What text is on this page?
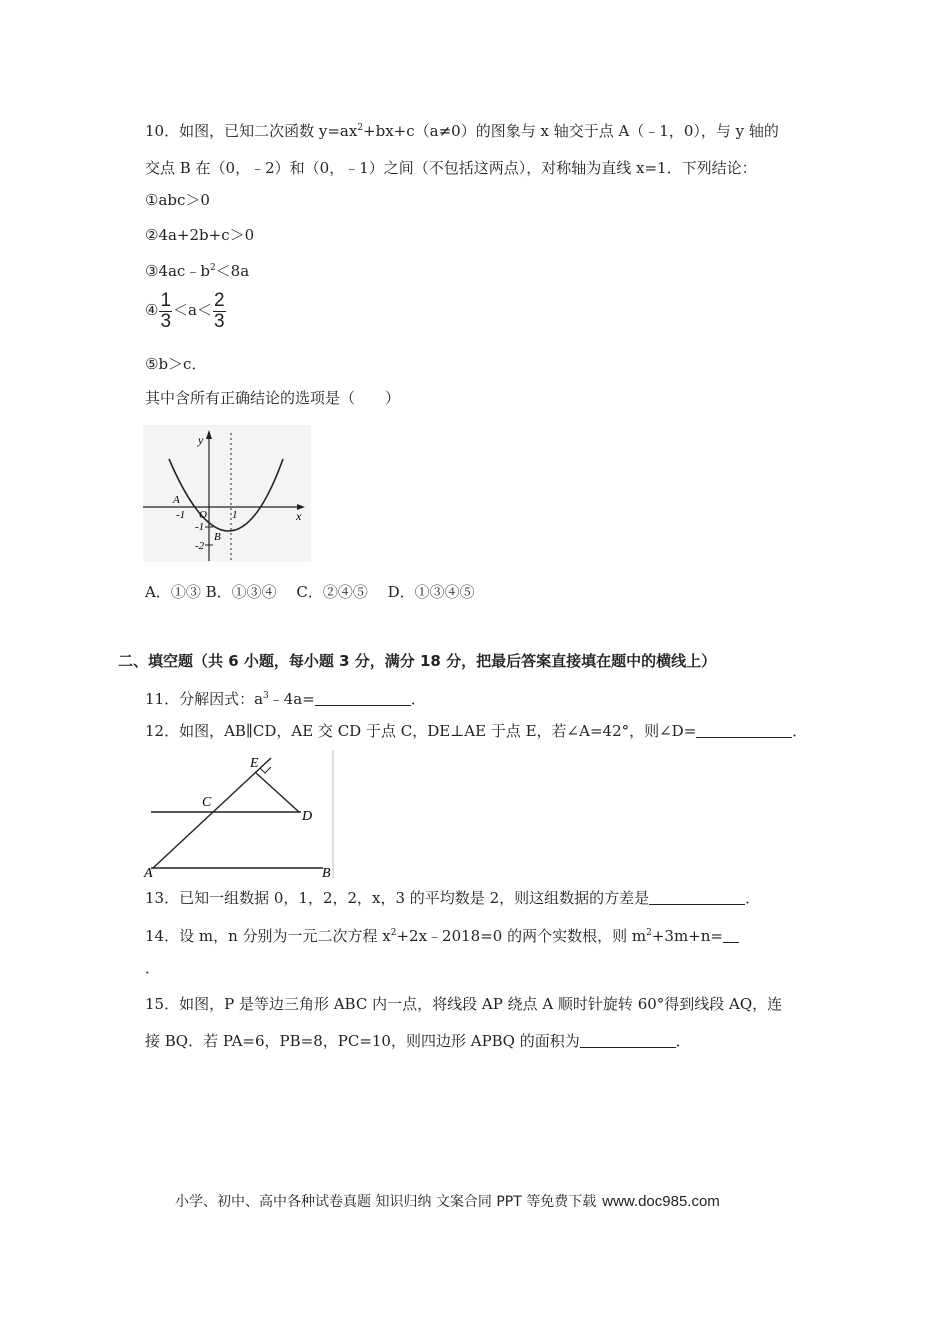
10．如图，已知二次函数 $y=ax^2+bx+c(a\ne 0)$的图象与 x 轴交于点 A（﹣1，0），与 y 轴的
交点 B 在（0，﹣2）和（0，﹣1）之间（不包括这两点），对称轴为直线 x=1．下列结论：
①abc＞0
②4a+2b+c＞0
$③4ac﹣b^2<8a$
④ $\frac{1}{3} <a< \frac{2}{3}$
⑤b＞c．
其中含所有正确结论的选项是（　　）
y
x
A
-1 O 1
-1
B
-2
A．①③ B．①③④　 C．②④⑤　 D．①③④⑤
二、填空题（共 6 小题，每小题 3 分，满分 18 分，把最后答案直接填在题中的横线上）
11．分解因式：$a^3﹣4a=$	．
12．如图，AB∥CD，AE 交 CD 于点 C，DE⊥AE 于点 E，若∠A=42°，则∠D=	．
E
C
D
A	B
13．已知一组数据 0，1，2，2，x，3 的平均数是 2，则这组数据的方差是	．
14．设 m，n 分别为一元二次方程 $x^2+2x﹣2018=0$ 的两个实数根，则 $m^2+3m+n=$
．
15．如图，P 是等边三角形 ABC 内一点，将线段 AP 绕点 A 顺时针旋转 60°得到线段 AQ，连
接 BQ．若 PA=6，PB=8，PC=10，则四边形 APBQ 的面积为	．
小学、初中、高中各种试卷真题 知识归纳 文案合同 PPT 等免费下载 www.doc985.com
